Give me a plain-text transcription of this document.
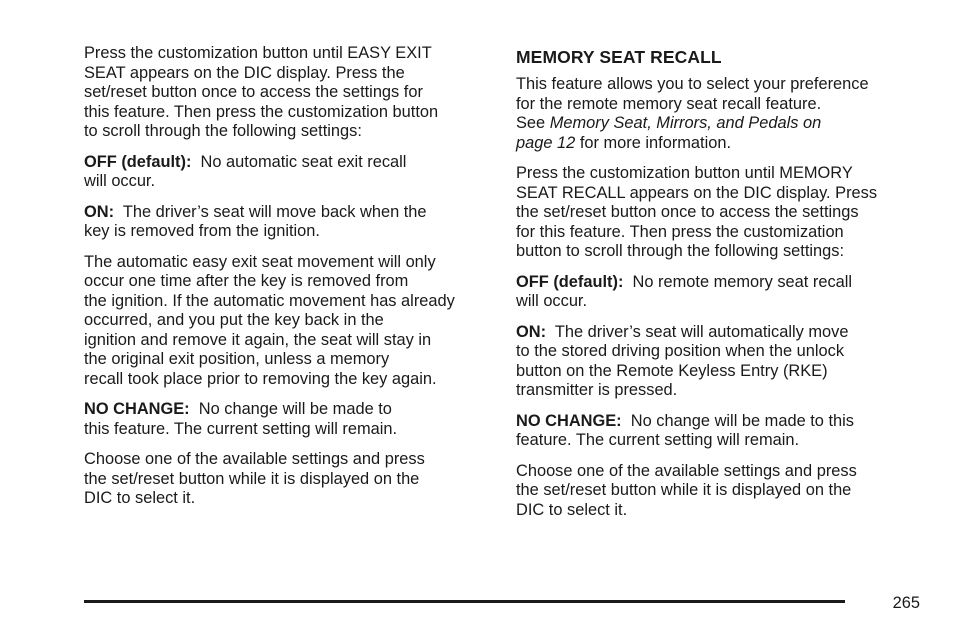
Press the customization button until EASY EXIT
SEAT appears on the DIC display. Press the
set/reset button once to access the settings for
this feature. Then press the customization button
to scroll through the following settings:

OFF (default): No automatic seat exit recall
will occur.

ON: The driver’s seat will move back when the
key is removed from the ignition.

The automatic easy exit seat movement will only
occur one time after the key is removed from
the ignition. If the automatic movement has already
occurred, and you put the key back in the
ignition and remove it again, the seat will stay in
the original exit position, unless a memory
recall took place prior to removing the key again.

NO CHANGE: No change will be made to
this feature. The current setting will remain.

Choose one of the available settings and press
the set/reset button while it is displayed on the
DIC to select it.

MEMORY SEAT RECALL

This feature allows you to select your preference
for the remote memory seat recall feature.
See Memory Seat, Mirrors, and Pedals on
page 12 for more information.

Press the customization button until MEMORY
SEAT RECALL appears on the DIC display. Press
the set/reset button once to access the settings
for this feature. Then press the customization
button to scroll through the following settings:

OFF (default): No remote memory seat recall
will occur.

ON: The driver’s seat will automatically move
to the stored driving position when the unlock
button on the Remote Keyless Entry (RKE)
transmitter is pressed.

NO CHANGE: No change will be made to this
feature. The current setting will remain.

Choose one of the available settings and press
the set/reset button while it is displayed on the
DIC to select it.

265
